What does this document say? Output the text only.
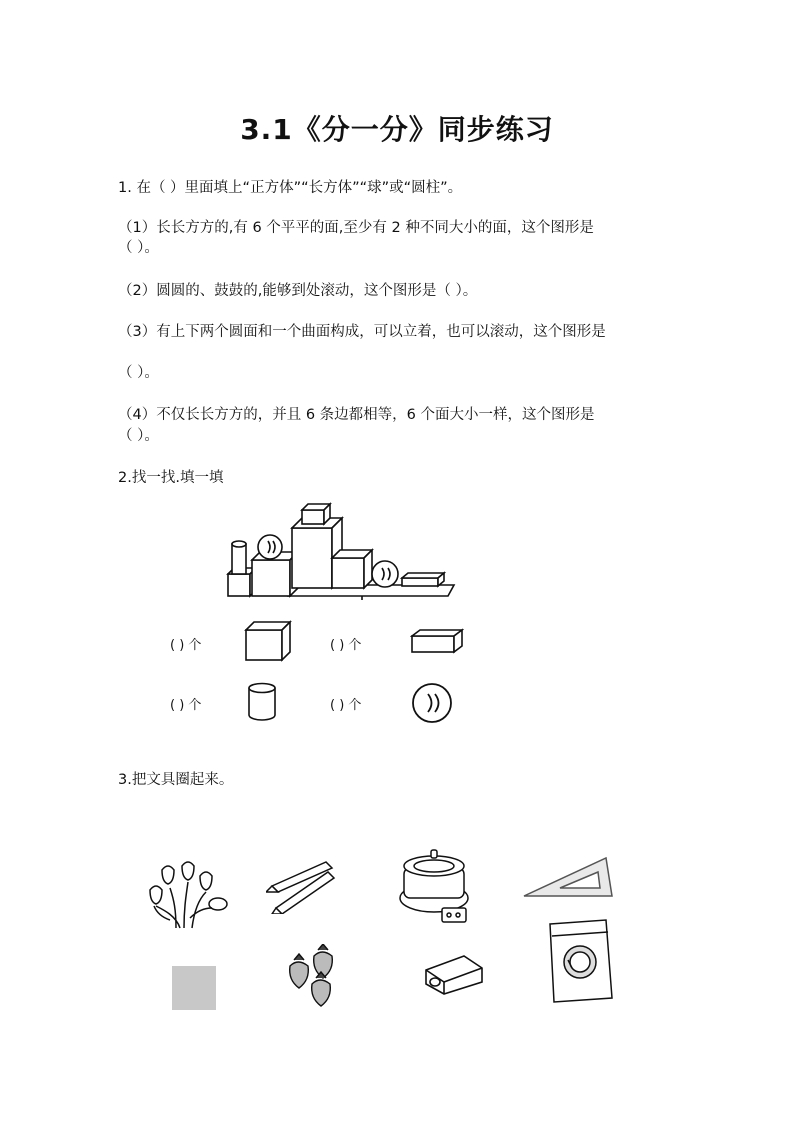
3.1《分一分》同步练习
1. 在（ ）里面填上“正方体”“长方体”“球”或“圆柱”。
（1）长长方方的,有 6 个平平的面,至少有 2 种不同大小的面，这个图形是
（ ）。
（2）圆圆的、鼓鼓的,能够到处滚动，这个图形是（ ）。
（3）有上下两个圆面和一个曲面构成，可以立着，也可以滚动，这个图形是
（ ）。
（4）不仅长长方方的，并且 6 条边都相等，6 个面大小一样，这个图形是
（ ）。
2.找一找.填一填
( ) 个	( ) 个
( ) 个	( ) 个
3.把文具圈起来。
